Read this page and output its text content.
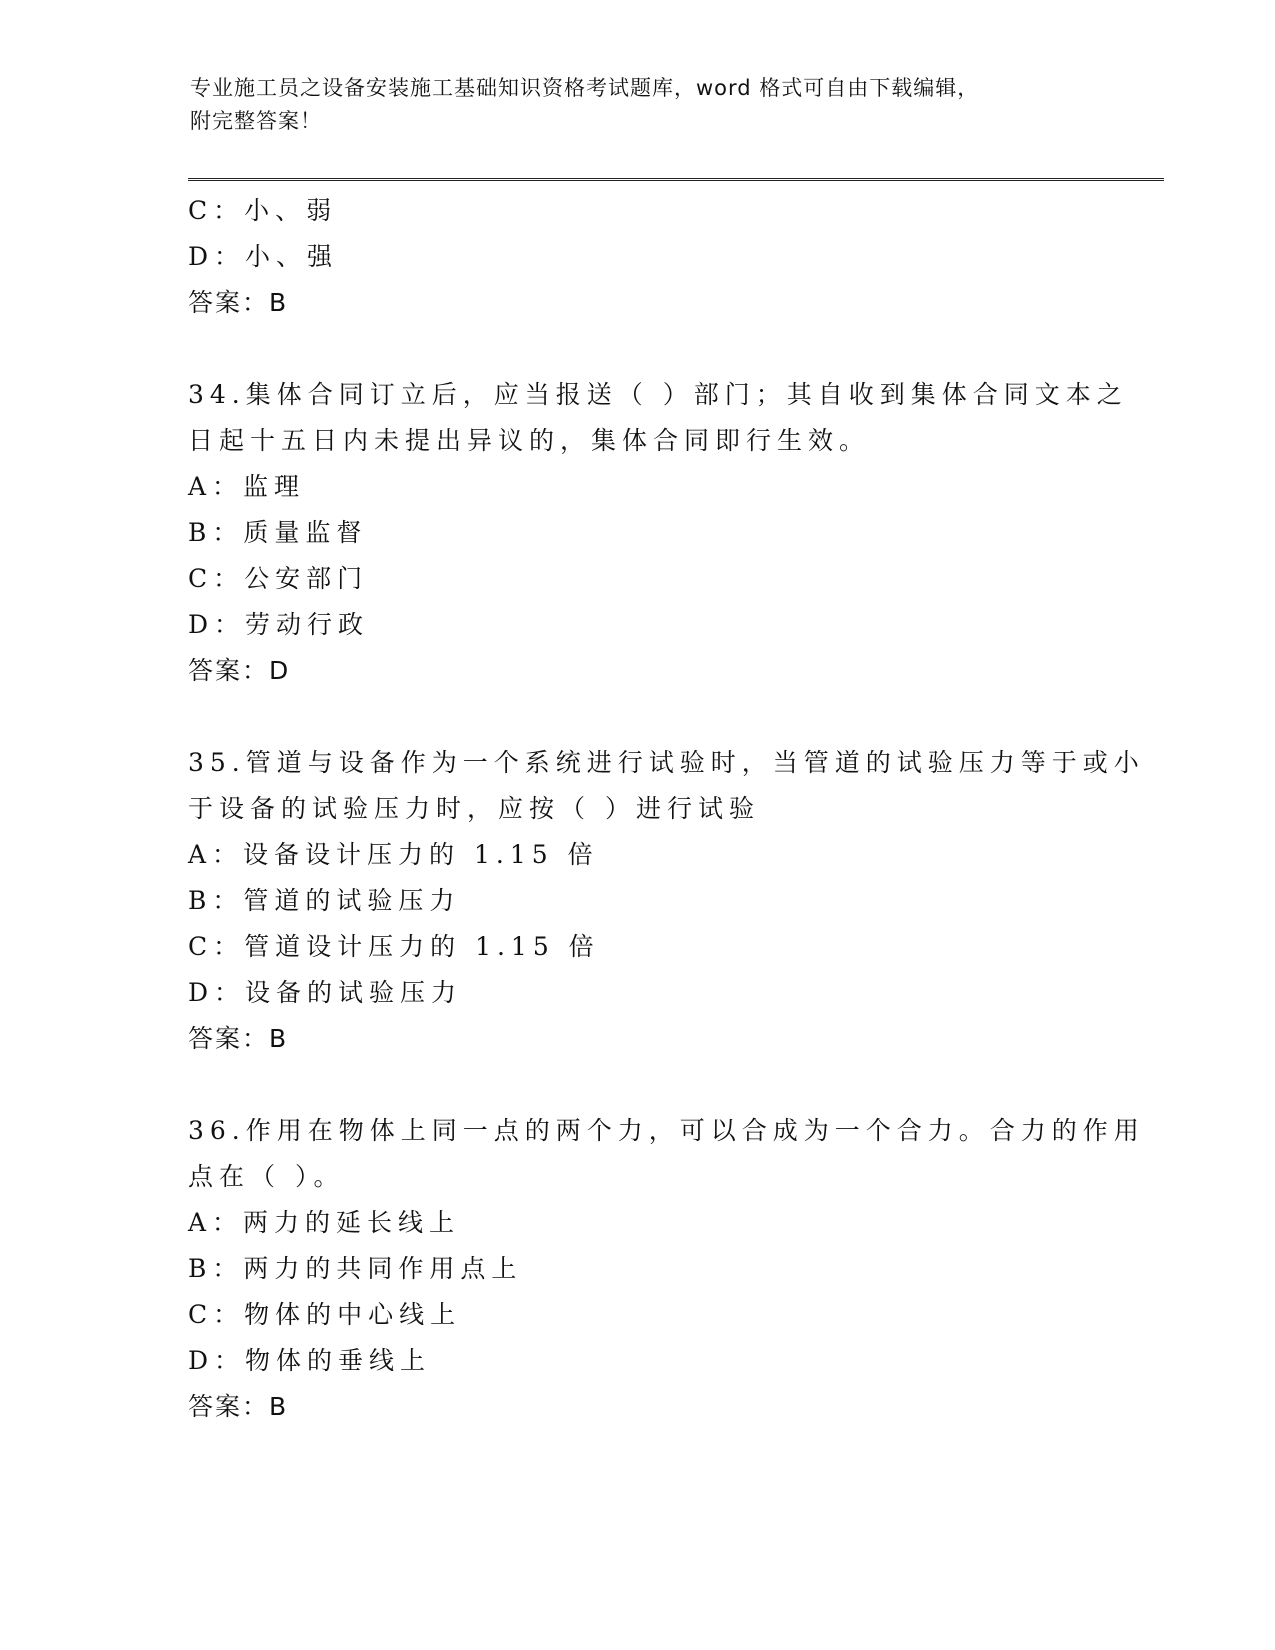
专业施工员之设备安装施工基础知识资格考试题库，word 格式可自由下载编辑，
附完整答案！
C：小、弱
D：小、强
答案：B
34.集体合同订立后，应当报送（ ）部门；其自收到集体合同文本之
日起十五日内未提出异议的，集体合同即行生效。
A：监理
B：质量监督
C：公安部门
D：劳动行政
答案：D
35.管道与设备作为一个系统进行试验时，当管道的试验压力等于或小
于设备的试验压力时，应按（ ）进行试验
A：设备设计压力的 1.15 倍
B：管道的试验压力
C：管道设计压力的 1.15 倍
D：设备的试验压力
答案：B
36.作用在物体上同一点的两个力，可以合成为一个合力。合力的作用
点在（ ）。
A：两力的延长线上
B：两力的共同作用点上
C：物体的中心线上
D：物体的垂线上
答案：B
